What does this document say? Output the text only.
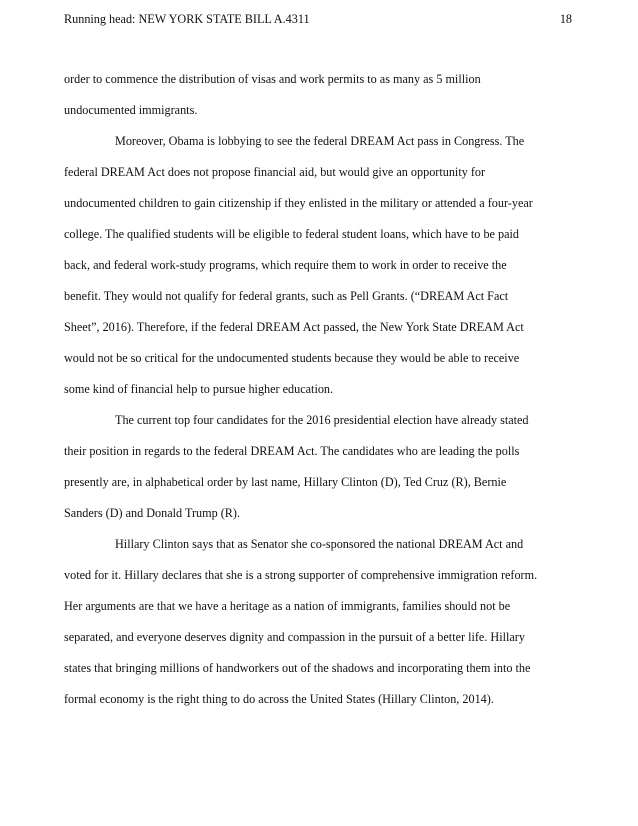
Running head: NEW YORK STATE BILL A.4311	18
order to commence the distribution of visas and work permits to as many as 5 million
undocumented immigrants.
Moreover, Obama is lobbying to see the federal DREAM Act pass in Congress. The
federal DREAM Act does not propose financial aid, but would give an opportunity for
undocumented children to gain citizenship if they enlisted in the military or attended a four-year
college. The qualified students will be eligible to federal student loans, which have to be paid
back, and federal work-study programs, which require them to work in order to receive the
benefit. They would not qualify for federal grants, such as Pell Grants. (“DREAM Act Fact
Sheet”, 2016). Therefore, if the federal DREAM Act passed, the New York State DREAM Act
would not be so critical for the undocumented students because they would be able to receive
some kind of financial help to pursue higher education.
The current top four candidates for the 2016 presidential election have already stated
their position in regards to the federal DREAM Act. The candidates who are leading the polls
presently are, in alphabetical order by last name, Hillary Clinton (D), Ted Cruz (R), Bernie
Sanders (D) and Donald Trump (R).
Hillary Clinton says that as Senator she co-sponsored the national DREAM Act and
voted for it. Hillary declares that she is a strong supporter of comprehensive immigration reform.
Her arguments are that we have a heritage as a nation of immigrants, families should not be
separated, and everyone deserves dignity and compassion in the pursuit of a better life. Hillary
states that bringing millions of handworkers out of the shadows and incorporating them into the
formal economy is the right thing to do across the United States (Hillary Clinton, 2014).
